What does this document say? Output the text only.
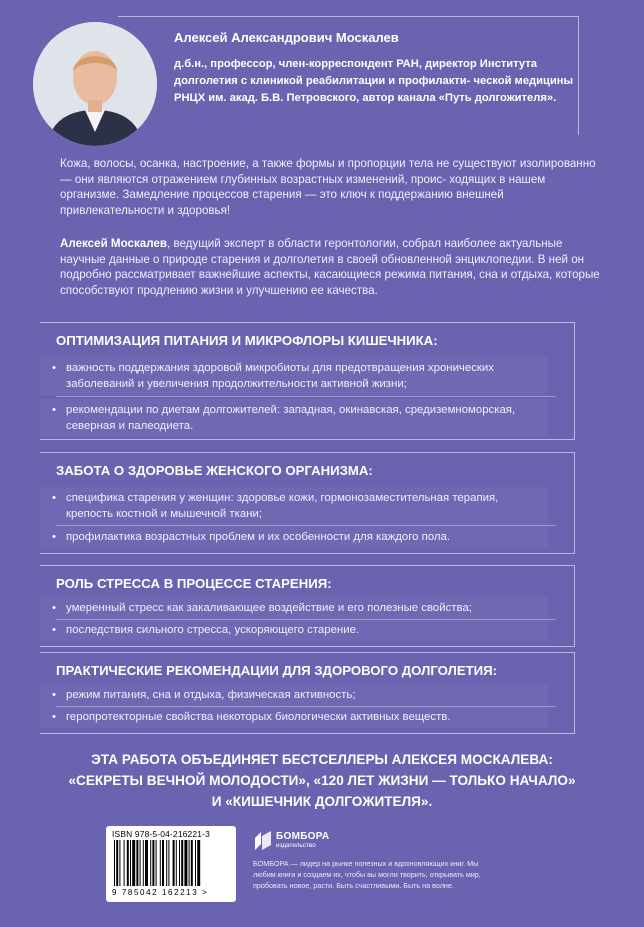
Алексей Александрович Москалев
д.б.н., профессор, член-корреспондент РАН, директор Института долголетия с клиникой реабилитации и профилакти- ческой медицины РНЦХ им. акад. Б.В. Петровского, автор канала «Путь долгожителя».
Кожа, волосы, осанка, настроение, а также формы и пропорции тела не существуют изолированно — они являются отражением глубинных возрастных изменений, проис- ходящих в нашем организме. Замедление процессов старения — это ключ к поддержанию внешней привлекательности и здоровья!
Алексей Москалев, ведущий эксперт в области геронтологии, собрал наиболее актуальные научные данные о природе старения и долголетия в своей обновленной энциклопедии. В ней он подробно рассматривает важнейшие аспекты, касающиеся режима питания, сна и отдыха, которые способствуют продлению жизни и улучшению ее качества.
ОПТИМИЗАЦИЯ ПИТАНИЯ И МИКРОФЛОРЫ КИШЕЧНИКА:
• важность поддержания здоровой микробиоты для предотвращения хронических заболеваний и увеличения продолжительности активной жизни;
• рекомендации по диетам долгожителей: западная, окинавская, средиземноморская, северная и палеодиета.
ЗАБОТА О ЗДОРОВЬЕ ЖЕНСКОГО ОРГАНИЗМА:
• специфика старения у женщин: здоровье кожи, гормонозаместительная терапия, крепость костной и мышечной ткани;
• профилактика возрастных проблем и их особенности для каждого пола.
РОЛЬ СТРЕССА В ПРОЦЕССЕ СТАРЕНИЯ:
• умеренный стресс как закаливающее воздействие и его полезные свойства;
• последствия сильного стресса, ускоряющего старение.
ПРАКТИЧЕСКИЕ РЕКОМЕНДАЦИИ ДЛЯ ЗДОРОВОГО ДОЛГОЛЕТИЯ:
• режим питания, сна и отдыха, физическая активность;
• геропротекторные свойства некоторых биологически активных веществ.
ЭТА РАБОТА ОБЪЕДИНЯЕТ БЕСТСЕЛЛЕРЫ АЛЕКСЕЯ МОСКАЛЕВА:
«СЕКРЕТЫ ВЕЧНОЙ МОЛОДОСТИ», «120 ЛЕТ ЖИЗНИ — ТОЛЬКО НАЧАЛО»
И «КИШЕЧНИК ДОЛГОЖИТЕЛЯ».
ISBN 978-5-04-216221-3
9 785042 162213 >
БОМБОРА
издательство
БОМБОРА — лидер на рынке полезных и вдохновляющих книг. Мы любим книги и создаем их, чтобы вы могли творить, открывать мир, пробовать новое, расти. Быть счастливыми. Быть на волне.
